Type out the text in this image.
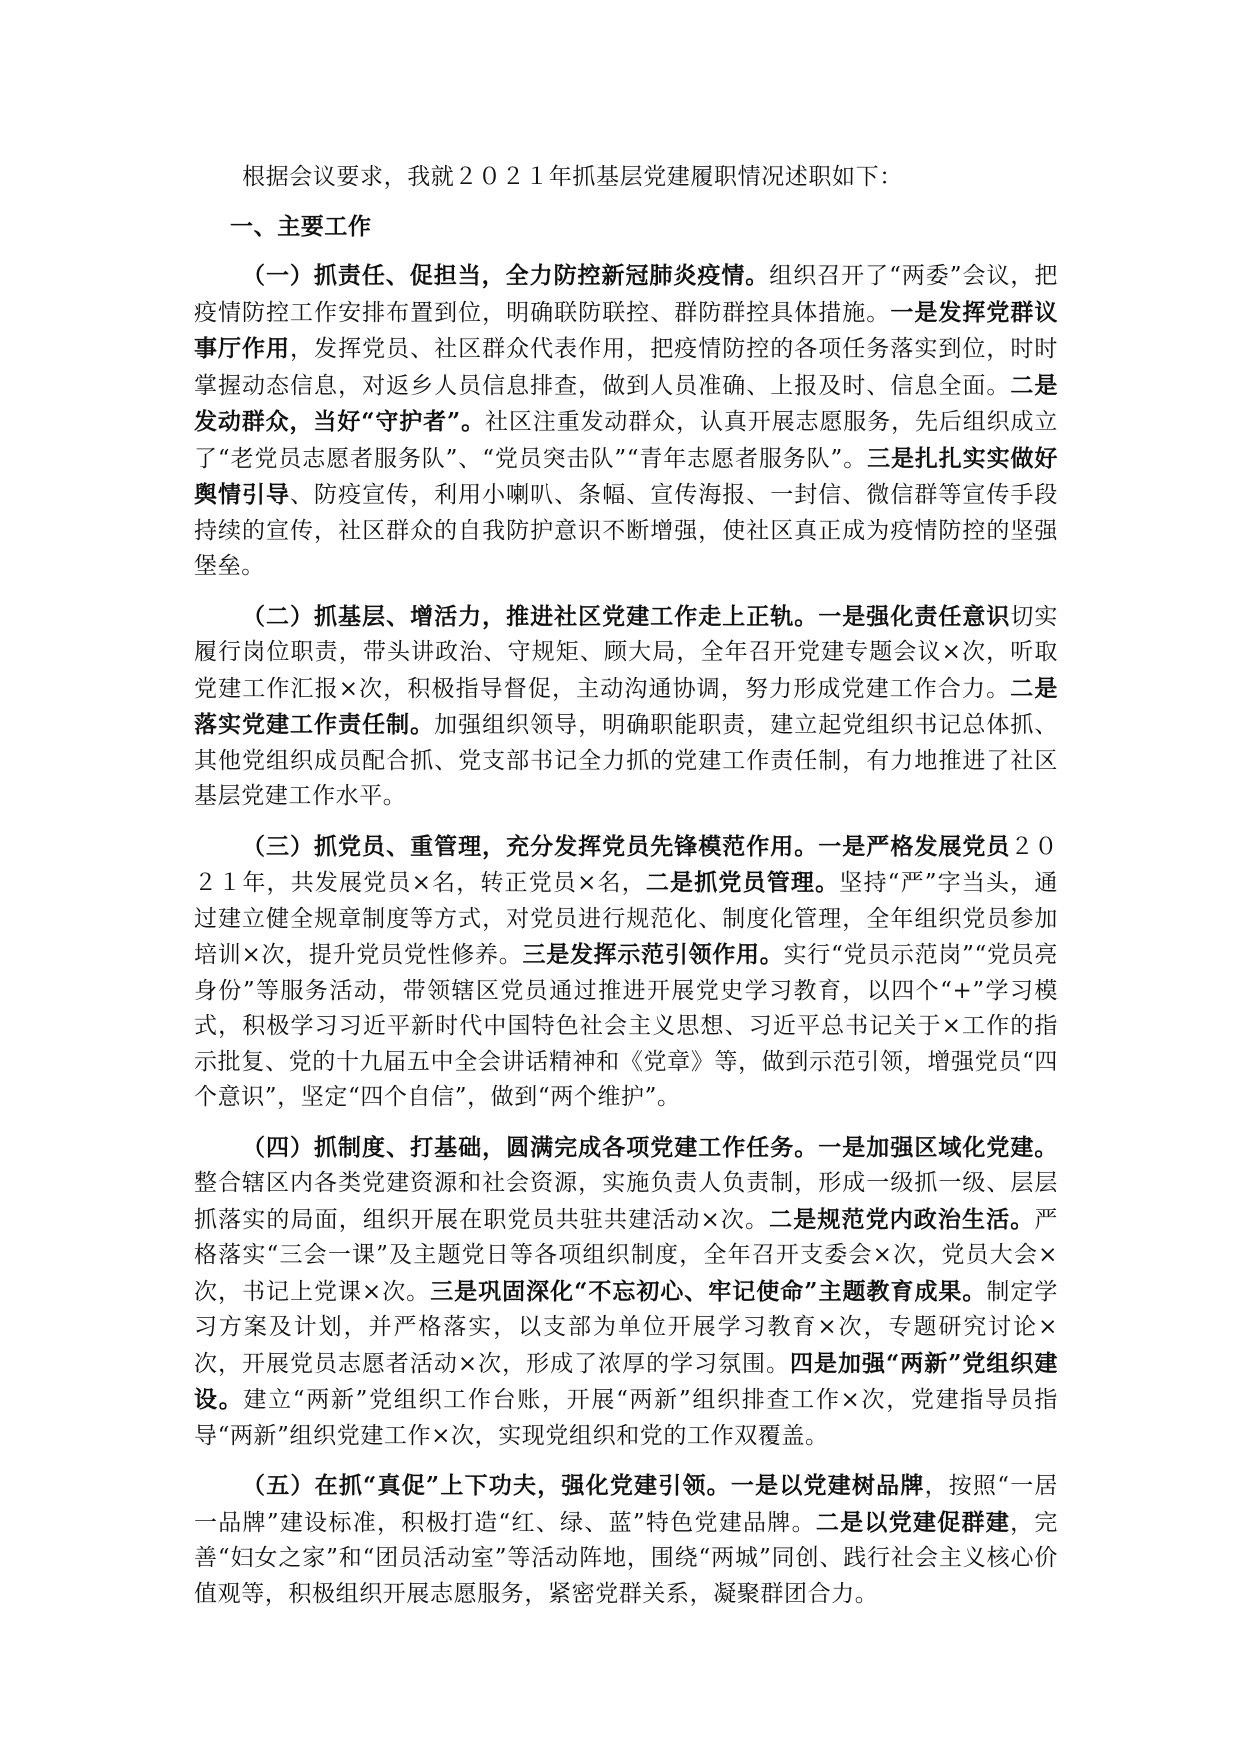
根据会议要求，我就２０２１年抓基层党建履职情况述职如下：

一、主要工作

（一）抓责任、促担当，全力防控新冠肺炎疫情。组织召开了“两委”会议，把疫情防控工作安排布置到位，明确联防联控、群防群控具体措施。一是发挥党群议事厅作用，发挥党员、社区群众代表作用，把疫情防控的各项任务落实到位，时时掌握动态信息，对返乡人员信息排查，做到人员准确、上报及时、信息全面。二是发动群众，当好“守护者”。社区注重发动群众，认真开展志愿服务，先后组织成立了“老党员志愿者服务队”、“党员突击队”“青年志愿者服务队”。三是扎扎实实做好舆情引导、防疫宣传，利用小喇叭、条幅、宣传海报、一封信、微信群等宣传手段持续的宣传，社区群众的自我防护意识不断增强，使社区真正成为疫情防控的坚强堡垒。

（二）抓基层、增活力，推进社区党建工作走上正轨。一是强化责任意识切实履行岗位职责，带头讲政治、守规矩、顾大局，全年召开党建专题会议×次，听取党建工作汇报×次，积极指导督促，主动沟通协调，努力形成党建工作合力。二是落实党建工作责任制。加强组织领导，明确职能职责，建立起党组织书记总体抓、其他党组织成员配合抓、党支部书记全力抓的党建工作责任制，有力地推进了社区基层党建工作水平。

（三）抓党员、重管理，充分发挥党员先锋模范作用。一是严格发展党员２０２１年，共发展党员×名，转正党员×名，二是抓党员管理。坚持“严”字当头，通过建立健全规章制度等方式，对党员进行规范化、制度化管理，全年组织党员参加培训×次，提升党员党性修养。三是发挥示范引领作用。实行“党员示范岗”“党员亮身份”等服务活动，带领辖区党员通过推进开展党史学习教育，以四个“+”学习模式，积极学习习近平新时代中国特色社会主义思想、习近平总书记关于×工作的指示批复、党的十九届五中全会讲话精神和《党章》等，做到示范引领，增强党员“四个意识”，坚定“四个自信”，做到“两个维护”。

（四）抓制度、打基础，圆满完成各项党建工作任务。一是加强区域化党建。整合辖区内各类党建资源和社会资源，实施负责人负责制，形成一级抓一级、层层抓落实的局面，组织开展在职党员共驻共建活动×次。二是规范党内政治生活。严格落实“三会一课”及主题党日等各项组织制度，全年召开支委会×次，党员大会×次，书记上党课×次。三是巩固深化“不忘初心、牢记使命”主题教育成果。制定学习方案及计划，并严格落实，以支部为单位开展学习教育×次，专题研究讨论×次，开展党员志愿者活动×次，形成了浓厚的学习氛围。四是加强“两新”党组织建设。建立“两新”党组织工作台账，开展“两新”组织排查工作×次，党建指导员指导“两新”组织党建工作×次，实现党组织和党的工作双覆盖。

（五）在抓“真促”上下功夫，强化党建引领。一是以党建树品牌，按照“一居一品牌”建设标准，积极打造“红、绿、蓝”特色党建品牌。二是以党建促群建，完善“妇女之家”和“团员活动室”等活动阵地，围绕“两城”同创、践行社会主义核心价值观等，积极组织开展志愿服务，紧密党群关系，凝聚群团合力。
